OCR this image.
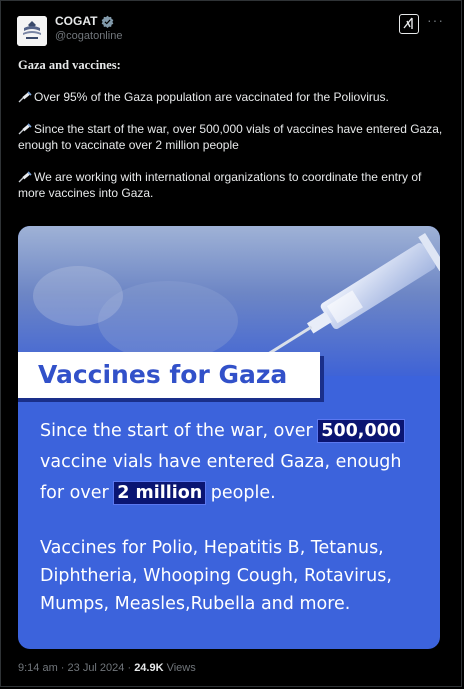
COGAT
@cogatonline
···
Gaza and vaccines:
Over 95% of the Gaza population are vaccinated for the Poliovirus.
Since the start of the war, over 500,000 vials of vaccines have entered Gaza, enough to vaccinate over 2 million people
We are working with international organizations to coordinate the entry of more vaccines into Gaza.
Vaccines for Gaza
Since the start of the war, over 500,000 vaccine vials have entered Gaza, enough for over 2 million people.
Vaccines for Polio, Hepatitis B, Tetanus, Diphtheria, Whooping Cough, Rotavirus, Mumps, Measles,Rubella and more.
9:14 am · 23 Jul 2024 · 24.9K Views
